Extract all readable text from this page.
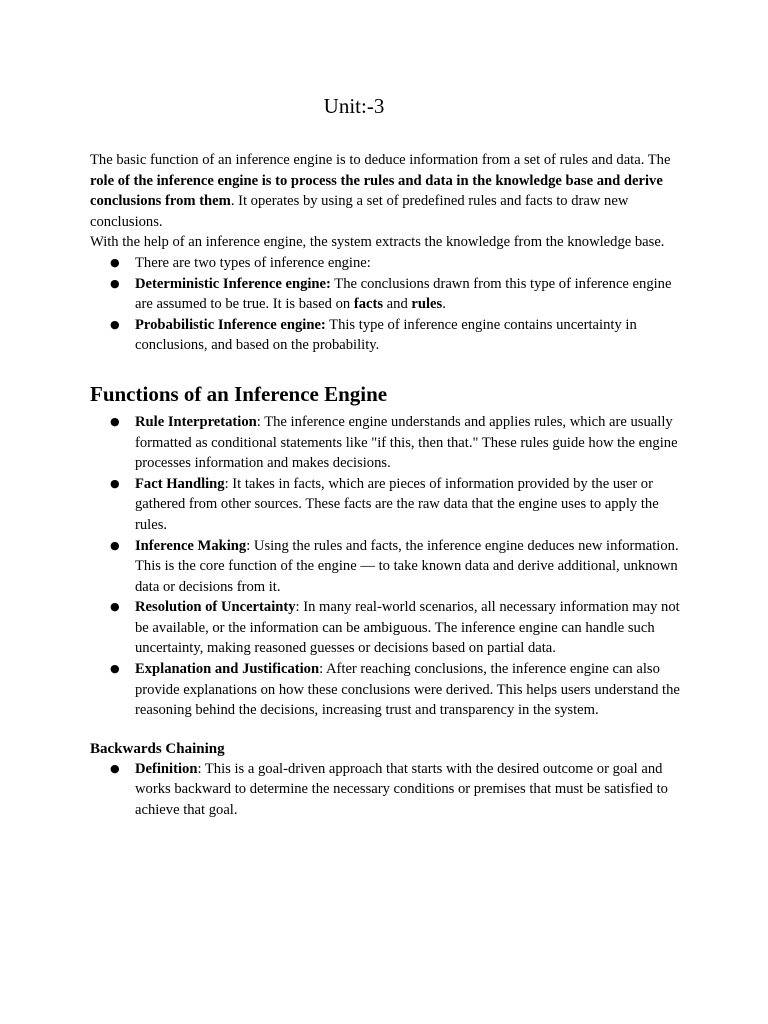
Unit:-3

The basic function of an inference engine is to deduce information from a set of rules and data. The role of the inference engine is to process the rules and data in the knowledge base and derive conclusions from them. It operates by using a set of predefined rules and facts to draw new conclusions.

With the help of an inference engine, the system extracts the knowledge from the knowledge base.

● There are two types of inference engine:
● Deterministic Inference engine: The conclusions drawn from this type of inference engine are assumed to be true. It is based on facts and rules.
● Probabilistic Inference engine: This type of inference engine contains uncertainty in conclusions, and based on the probability.
Functions of an Inference Engine
● Rule Interpretation: The inference engine understands and applies rules, which are usually formatted as conditional statements like "if this, then that." These rules guide how the engine processes information and makes decisions.
● Fact Handling: It takes in facts, which are pieces of information provided by the user or gathered from other sources. These facts are the raw data that the engine uses to apply the rules.
● Inference Making: Using the rules and facts, the inference engine deduces new information. This is the core function of the engine — to take known data and derive additional, unknown data or decisions from it.
● Resolution of Uncertainty: In many real-world scenarios, all necessary information may not be available, or the information can be ambiguous. The inference engine can handle such uncertainty, making reasoned guesses or decisions based on partial data.
● Explanation and Justification: After reaching conclusions, the inference engine can also provide explanations on how these conclusions were derived. This helps users understand the reasoning behind the decisions, increasing trust and transparency in the system.
Backwards Chaining
● Definition: This is a goal-driven approach that starts with the desired outcome or goal and works backward to determine the necessary conditions or premises that must be satisfied to achieve that goal.
